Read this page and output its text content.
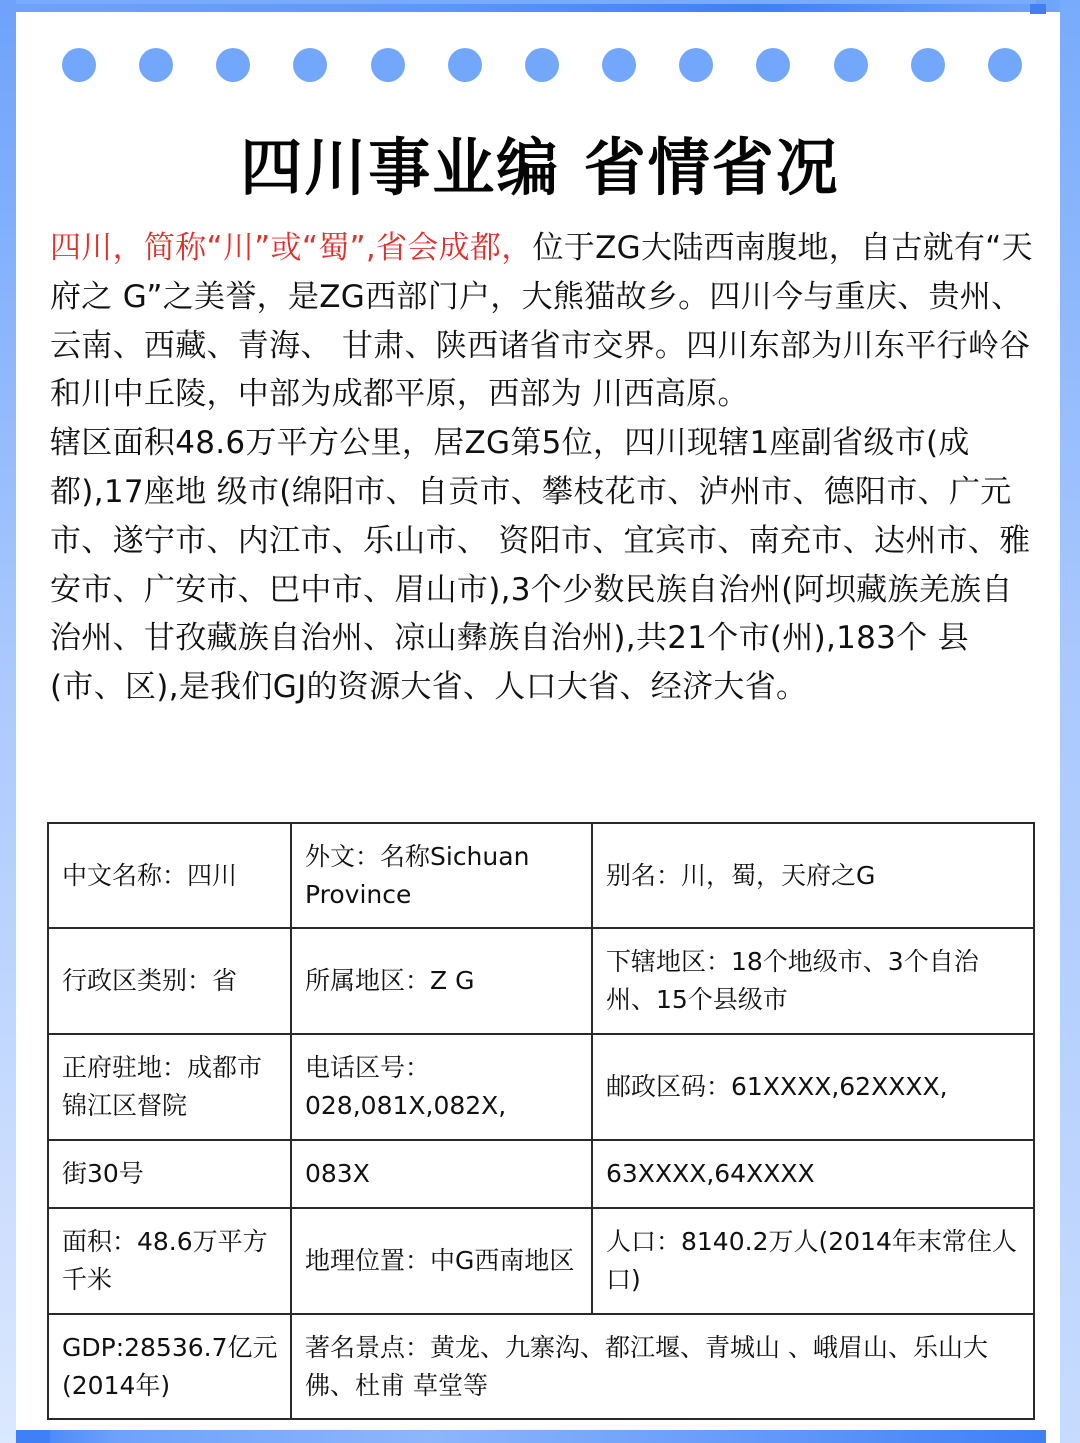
四川事业编 省情省况

四川，简称“川”或“蜀”,省会成都，位于ZG大陆西南腹地，自古就有“天府之 G”之美誉，是ZG西部门户，大熊猫故乡。四川今与重庆、贵州、云南、西藏、青海、 甘肃、陕西诸省市交界。四川东部为川东平行岭谷和川中丘陵，中部为成都平原，西部为 川西高原。

辖区面积48.6万平方公里，居ZG第5位，四川现辖1座副省级市(成都),17座地 级市(绵阳市、自贡市、攀枝花市、泸州市、德阳市、广元市、遂宁市、内江市、乐山市、 资阳市、宜宾市、南充市、达州市、雅安市、广安市、巴中市、眉山市),3个少数民族自治州(阿坝藏族羌族自治州、甘孜藏族自治州、凉山彝族自治州),共21个市(州),183个 县(市、区),是我们GJ的资源大省、人口大省、经济大省。

中文名称：四川	外文：名称Sichuan Province	别名：川，蜀，天府之G
行政区类别：省	所属地区：Z G	下辖地区：18个地级市、3个自治 州、15个县级市
正府驻地：成都市锦江区督院	电话区号：028,081X,082X,	邮政区码：61XXXX,62XXXX,
街30号	083X	63XXXX,64XXXX
面积：48.6万平方千米	地理位置：中G西南地区	人口：8140.2万人(2014年末常住人口)
GDP:28536.7亿元(2014年)	著名景点：黄龙、九寨沟、都江堰、青城山 、峨眉山、乐山大佛、杜甫 草堂等	
